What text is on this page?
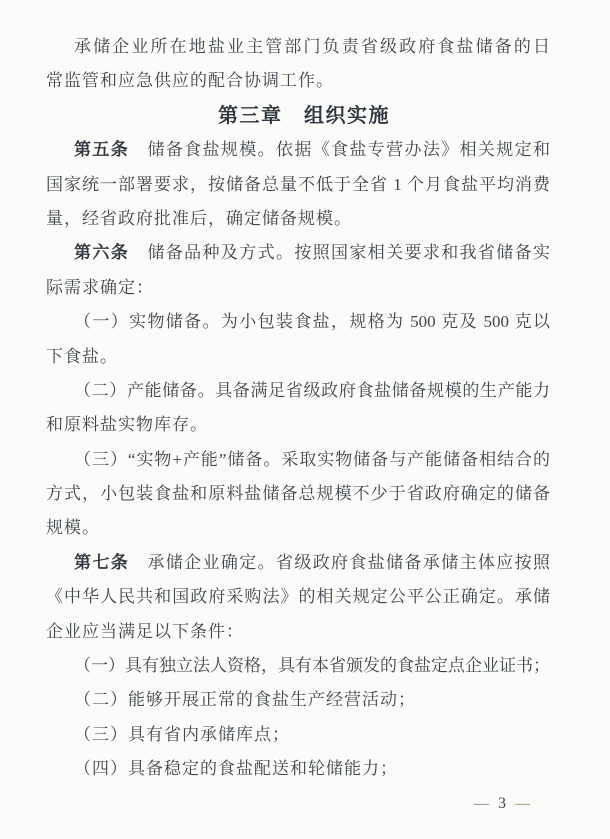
承储企业所在地盐业主管部门负责省级政府食盐储备的日
常监管和应急供应的配合协调工作。
第三章　组织实施
第五条　储备食盐规模。依据《食盐专营办法》相关规定和
国家统一部署要求，按储备总量不低于全省 1 个月食盐平均消费
量，经省政府批准后，确定储备规模。
第六条　储备品种及方式。按照国家相关要求和我省储备实
际需求确定：
（一）实物储备。为小包装食盐，规格为 500 克及 500 克以
下食盐。
（二）产能储备。具备满足省级政府食盐储备规模的生产能力
和原料盐实物库存。
（三）“实物+产能”储备。采取实物储备与产能储备相结合的
方式，小包装食盐和原料盐储备总规模不少于省政府确定的储备
规模。
第七条　承储企业确定。省级政府食盐储备承储主体应按照
《中华人民共和国政府采购法》的相关规定公平公正确定。承储
企业应当满足以下条件：
（一）具有独立法人资格，具有本省颁发的食盐定点企业证书；
（二）能够开展正常的食盐生产经营活动；
（三）具有省内承储库点；
（四）具备稳定的食盐配送和轮储能力；
— 3 —
